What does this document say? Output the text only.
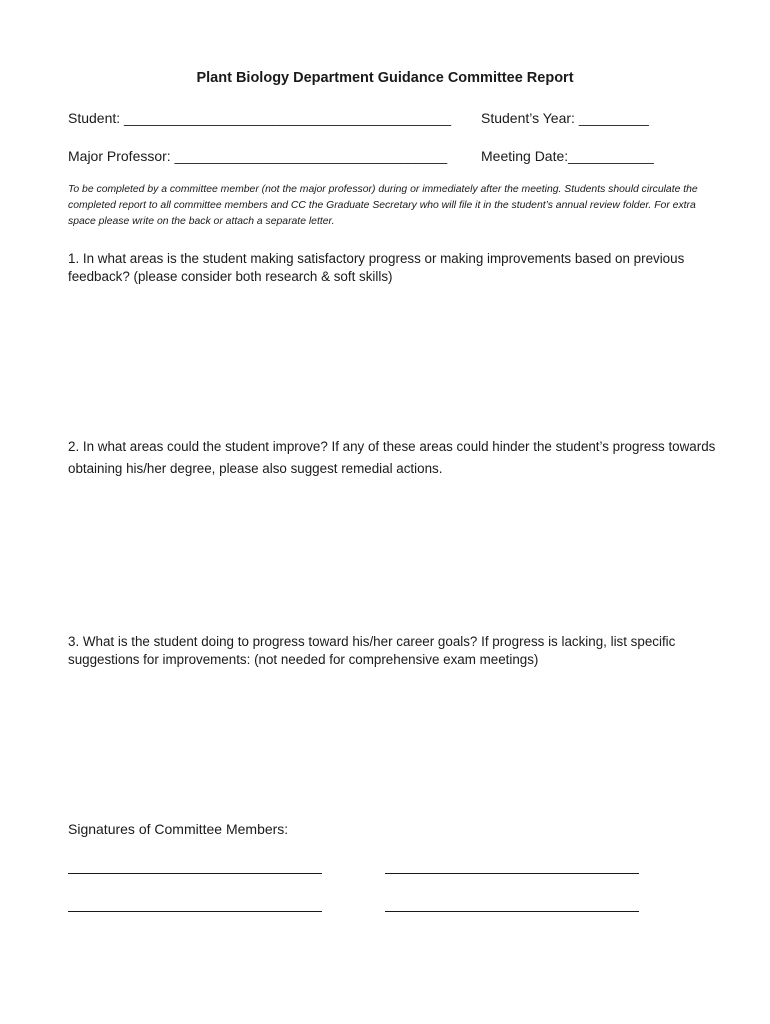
Plant Biology Department Guidance Committee Report
Student: __________________________________________ Student’s Year: _________
Major Professor: ___________________________________ Meeting Date:___________
To be completed by a committee member (not the major professor) during or immediately after the meeting. Students should circulate the completed report to all committee members and CC the Graduate Secretary who will file it in the student’s annual review folder. For extra space please write on the back or attach a separate letter.
1. In what areas is the student making satisfactory progress or making improvements based on previous feedback? (please consider both research & soft skills)
2. In what areas could the student improve? If any of these areas could hinder the student’s progress towards obtaining his/her degree, please also suggest remedial actions.
3. What is the student doing to progress toward his/her career goals? If progress is lacking, list specific suggestions for improvements: (not needed for comprehensive exam meetings)
Signatures of Committee Members:
